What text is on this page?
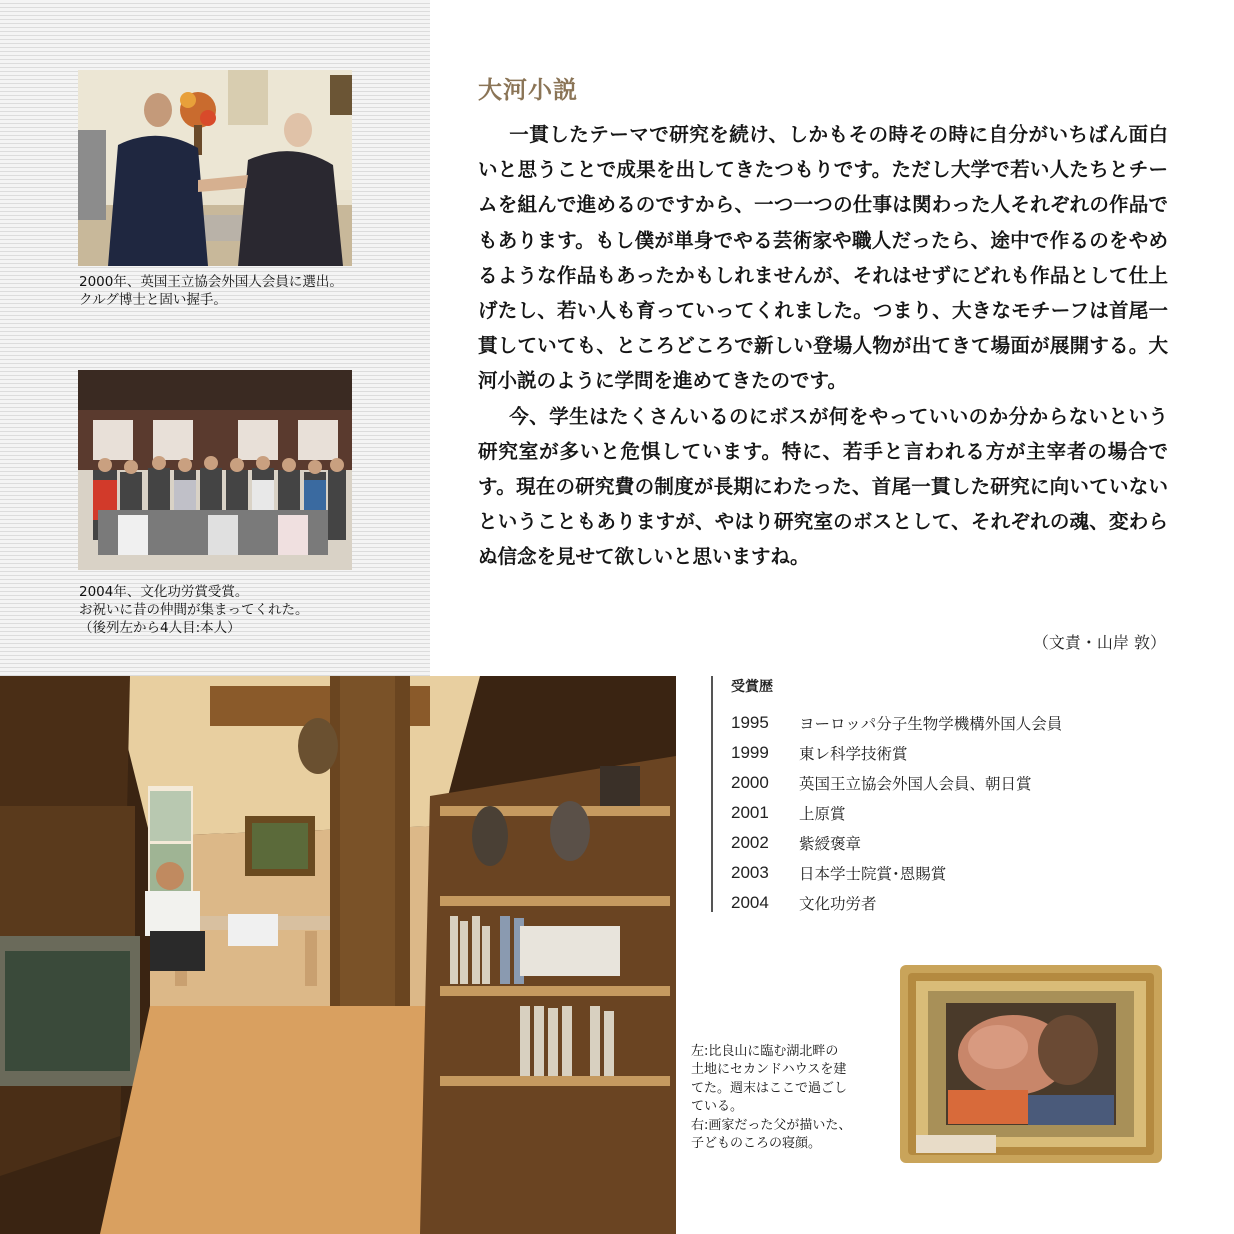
2000年、英国王立協会外国人会員に選出。
クルグ博士と固い握手。
2004年、文化功労賞受賞。
お祝いに昔の仲間が集まってくれた。
（後列左から4人目:本人）
大河小説

一貫したテーマで研究を続け、しかもその時その時に自分がいちばん面白いと思うことで成果を出してきたつもりです。ただし大学で若い人たちとチームを組んで進めるのですから、一つ一つの仕事は関わった人それぞれの作品でもあります。もし僕が単身でやる芸術家や職人だったら、途中で作るのをやめるような作品もあったかもしれませんが、それはせずにどれも作品として仕上げたし、若い人も育っていってくれました。つまり、大きなモチーフは首尾一貫していても、ところどころで新しい登場人物が出てきて場面が展開する。大河小説のように学問を進めてきたのです。

今、学生はたくさんいるのにボスが何をやっていいのか分からないという研究室が多いと危惧しています。特に、若手と言われる方が主宰者の場合です。現在の研究費の制度が長期にわたった、首尾一貫した研究に向いていないということもありますが、やはり研究室のボスとして、それぞれの魂、変わらぬ信念を見せて欲しいと思いますね。

（文責・山岸 敦）
受賞歴
1995	ヨーロッパ分子生物学機構外国人会員
1999	東レ科学技術賞
2000	英国王立協会外国人会員、朝日賞
2001	上原賞
2002	紫綬褒章
2003	日本学士院賞･恩賜賞
2004	文化功労者
左:比良山に臨む湖北畔の
土地にセカンドハウスを建
てた。週末はここで過ごし
ている。
右:画家だった父が描いた、
子どものころの寝顔。
